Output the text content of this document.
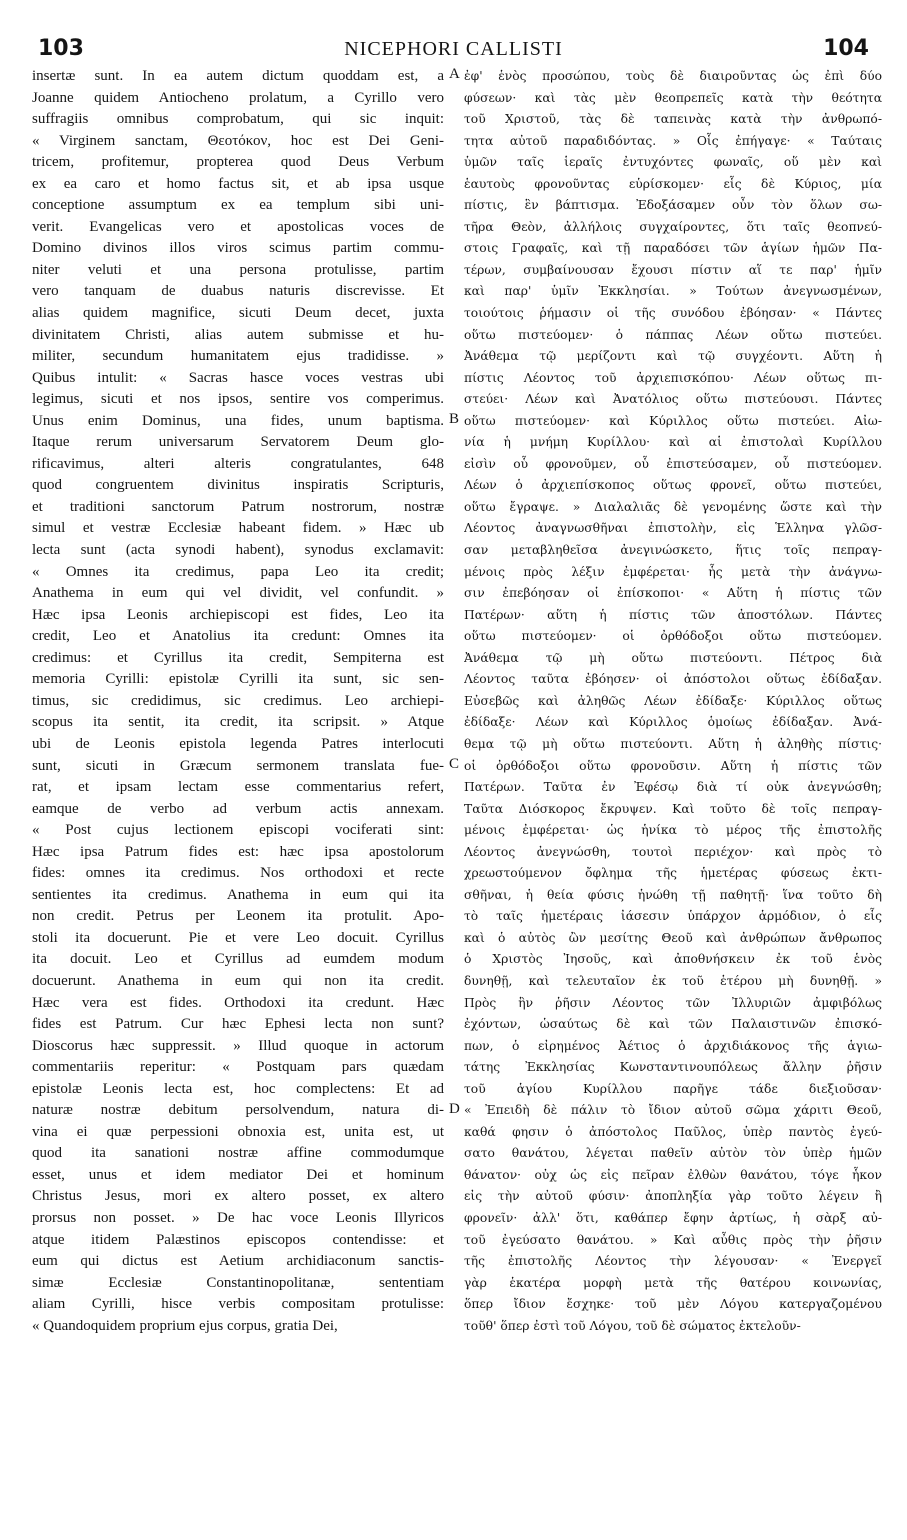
103	NICEPHORI CALLISTI	104
insertæ sunt. In ea autem dictum quoddam est, a
Joanne quidem Antiocheno prolatum, a Cyrillo vero
suffragiis omnibus comprobatum, qui sic inquit:
« Virginem sanctam, Θεοτόκον, hoc est Dei Geni-
tricem, profitemur, propterea quod Deus Verbum
ex ea caro et homo factus sit, et ab ipsa usque
conceptione assumptum ex ea templum sibi uni-
verit. Evangelicas vero et apostolicas voces de
Domino divinos illos viros scimus partim commu-
niter veluti et una persona protulisse, partim
vero tanquam de duabus naturis discrevisse. Et
alias quidem magnifice, sicuti Deum decet, juxta
divinitatem Christi, alias autem submisse et hu-
militer, secundum humanitatem ejus tradidisse. »
Quibus intulit: « Sacras hasce voces vestras ubi
legimus, sicuti et nos ipsos, sentire vos comperimus.
Unus enim Dominus, una fides, unum baptisma.
Itaque rerum universarum Servatorem Deum glo-
rificavimus, alteri alteris congratulantes, 648
quod congruentem divinitus inspiratis Scripturis,
et traditioni sanctorum Patrum nostrorum, nostræ
simul et vestræ Ecclesiæ habeant fidem. » Hæc ub
lecta sunt (acta synodi habent), synodus exclamavit:
« Omnes ita credimus, papa Leo ita credit;
Anathema in eum qui vel dividit, vel confundit. »
Hæc ipsa Leonis archiepiscopi est fides, Leo ita
credit, Leo et Anatolius ita credunt: Omnes ita
credimus: et Cyrillus ita credit, Sempiterna est
memoria Cyrilli: epistolæ Cyrilli ita sunt, sic sen-
timus, sic credidimus, sic credimus. Leo archiepi-
scopus ita sentit, ita credit, ita scripsit. » Atque
ubi de Leonis epistola legenda Patres interlocuti
sunt, sicuti in Græcum sermonem translata fue-
rat, et ipsam lectam esse commentarius refert,
eamque de verbo ad verbum actis annexam.
« Post cujus lectionem episcopi vociferati sint:
Hæc ipsa Patrum fides est: hæc ipsa apostolorum
fides: omnes ita credimus. Nos orthodoxi et recte
sentientes ita credimus. Anathema in eum qui ita
non credit. Petrus per Leonem ita protulit. Apo-
stoli ita docuerunt. Pie et vere Leo docuit. Cyrillus
ita docuit. Leo et Cyrillus ad eumdem modum
docuerunt. Anathema in eum qui non ita credit.
Hæc vera est fides. Orthodoxi ita credunt. Hæc
fides est Patrum. Cur hæc Ephesi lecta non sunt?
Dioscorus hæc suppressit. » Illud quoque in actorum
commentariis reperitur: « Postquam pars quædam
epistolæ Leonis lecta est, hoc complectens: Et ad
naturæ nostræ debitum persolvendum, natura di-
vina ei quæ perpessioni obnoxia est, unita est, ut
quod ita sanationi nostræ affine commodumque
esset, unus et idem mediator Dei et hominum
Christus Jesus, mori ex altero posset, ex altero
prorsus non posset. » De hac voce Leonis Illyricos
atque itidem Palæstinos episcopos contendisse: et
eum qui dictus est Aetium archidiaconum sanctis-
simæ Ecclesiæ Constantinopolitanæ, sententiam
aliam Cyrilli, hisce verbis compositam protulisse:
« Quandoquidem proprium ejus corpus, gratia Dei,
A
B
C
D
ἐφ' ἑνὸς προσώπου, τοὺς δὲ διαιροῦντας ὡς ἐπὶ δύο
φύσεων· καὶ τὰς μὲν θεοπρεπεῖς κατὰ τὴν θεότητα
τοῦ Χριστοῦ, τὰς δὲ ταπεινὰς κατὰ τὴν ἀνθρωπό-
τητα αὐτοῦ παραδιδόντας. » Οἷς ἐπήγαγε· « Ταύταις
ὑμῶν ταῖς ἱεραῖς ἐντυχόντες φωναῖς, οὕ μὲν καὶ
ἑαυτοὺς φρονοῦντας εὑρίσκομεν· εἷς δὲ Κύριος, μία
πίστις, ἓν βάπτισμα. Ἐδοξάσαμεν οὖν τὸν ὅλων σω-
τῆρα Θεὸν, ἀλλήλοις συγχαίροντες, ὅτι ταῖς θεοπνεύ-
στοις Γραφαῖς, καὶ τῇ παραδόσει τῶν ἁγίων ἡμῶν Πα-
τέρων, συμβαίνουσαν ἔχουσι πίστιν αἵ τε παρ' ἡμῖν
καὶ παρ' ὑμῖν Ἐκκλησίαι. » Τούτων ἀνεγνωσμένων,
τοιούτοις ῥήμασιν οἱ τῆς συνόδου ἐβόησαν· « Πάντες
οὕτω πιστεύομεν· ὁ πάππας Λέων οὕτω πιστεύει.
Ἀνάθεμα τῷ μερίζοντι καὶ τῷ συγχέοντι. Αὕτη ἡ
πίστις Λέοντος τοῦ ἀρχιεπισκόπου· Λέων οὕτως πι-
στεύει· Λέων καὶ Ἀνατόλιος οὕτω πιστεύουσι. Πάντες
οὕτω πιστεύομεν· καὶ Κύριλλος οὕτω πιστεύει. Αἰω-
νία ἡ μνήμη Κυρίλλου· καὶ αἱ ἐπιστολαὶ Κυρίλλου
εἰσὶν οὗ φρονοῦμεν, οὗ ἐπιστεύσαμεν, οὗ πιστεύομεν.
Λέων ὁ ἀρχιεπίσκοπος οὕτως φρονεῖ, οὕτω πιστεύει,
οὕτω ἔγραψε. » Διαλαλιᾶς δὲ γενομένης ὥστε καὶ τὴν
Λέοντος ἀναγνωσθῆναι ἐπιστολὴν, εἰς Ἑλληνα γλῶσ-
σαν μεταβληθεῖσα ἀνεγινώσκετο, ἥτις τοῖς πεπραγ-
μένοις πρὸς λέξιν ἐμφέρεται· ἧς μετὰ τὴν ἀνάγνω-
σιν ἐπεβόησαν οἱ ἐπίσκοποι· « Αὕτη ἡ πίστις τῶν
Πατέρων· αὕτη ἡ πίστις τῶν ἀποστόλων. Πάντες
οὕτω πιστεύομεν· οἱ ὀρθόδοξοι οὕτω πιστεύομεν.
Ἀνάθεμα τῷ μὴ οὕτω πιστεύοντι. Πέτρος διὰ
Λέοντος ταῦτα ἐβόησεν· οἱ ἀπόστολοι οὕτως ἐδίδαξαν.
Εὐσεβῶς καὶ ἀληθῶς Λέων ἐδίδαξε· Κύριλλος οὕτως
ἐδίδαξε· Λέων καὶ Κύριλλος ὁμοίως ἐδίδαξαν. Ἀνά-
θεμα τῷ μὴ οὕτω πιστεύοντι. Αὕτη ἡ ἀληθὴς πίστις·
οἱ ὀρθόδοξοι οὕτω φρονοῦσιν. Αὕτη ἡ πίστις τῶν
Πατέρων. Ταῦτα ἐν Ἐφέσῳ διὰ τί οὐκ ἀνεγνώσθη;
Ταῦτα Διόσκορος ἔκρυψεν. Καὶ τοῦτο δὲ τοῖς πεπραγ-
μένοις ἐμφέρεται· ὡς ἡνίκα τὸ μέρος τῆς ἐπιστολῆς
Λέοντος ἀνεγνώσθη, τουτοὶ περιέχον· καὶ πρὸς τὸ
χρεωστούμενον ὄφλημα τῆς ἡμετέρας φύσεως ἐκτι-
σθῆναι, ἡ θεία φύσις ἡνώθη τῇ παθητῇ· ἵνα τοῦτο δὴ
τὸ ταῖς ἡμετέραις ἰάσεσιν ὑπάρχον ἁρμόδιον, ὁ εἷς
καὶ ὁ αὐτὸς ὢν μεσίτης Θεοῦ καὶ ἀνθρώπων ἄνθρωπος
ὁ Χριστὸς Ἰησοῦς, καὶ ἀποθνήσκειν ἐκ τοῦ ἑνὸς
δυνηθῇ, καὶ τελευταῖον ἐκ τοῦ ἑτέρου μὴ δυνηθῇ. »
Πρὸς ἣν ῥῆσιν Λέοντος τῶν Ἰλλυριῶν ἀμφιβόλως
ἐχόντων, ὡσαύτως δὲ καὶ τῶν Παλαιστινῶν ἐπισκό-
πων, ὁ εἰρημένος Ἀέτιος ὁ ἀρχιδιάκονος τῆς ἁγιω-
τάτης Ἐκκλησίας Κωνσταντινουπόλεως ἄλλην ῥῆσιν
τοῦ ἁγίου Κυρίλλου παρῆγε τάδε διεξιοῦσαν·
« Ἐπειδὴ δὲ πάλιν τὸ ἴδιον αὐτοῦ σῶμα χάριτι Θεοῦ,
καθά φησιν ὁ ἀπόστολος Παῦλος, ὑπὲρ παντὸς ἐγεύ-
σατο θανάτου, λέγεται παθεῖν αὐτὸν τὸν ὑπὲρ ἡμῶν
θάνατον· οὐχ ὡς εἰς πεῖραν ἐλθὼν θανάτου, τόγε ἧκον
εἰς τὴν αὐτοῦ φύσιν· ἀποπληξία γὰρ τοῦτο λέγειν ἢ
φρονεῖν· ἀλλ' ὅτι, καθάπερ ἔφην ἀρτίως, ἡ σὰρξ αὐ-
τοῦ ἐγεύσατο θανάτου. » Καὶ αὖθις πρὸς τὴν ῥῆσιν
τῆς ἐπιστολῆς Λέοντος τὴν λέγουσαν· « Ἐνεργεῖ
γὰρ ἑκατέρα μορφὴ μετὰ τῆς θατέρου κοινωνίας,
ὅπερ ἴδιον ἔσχηκε· τοῦ μὲν Λόγου κατεργαζομένου
τοῦθ' ὅπερ ἐστὶ τοῦ Λόγου, τοῦ δὲ σώματος ἐκτελοῦν-
